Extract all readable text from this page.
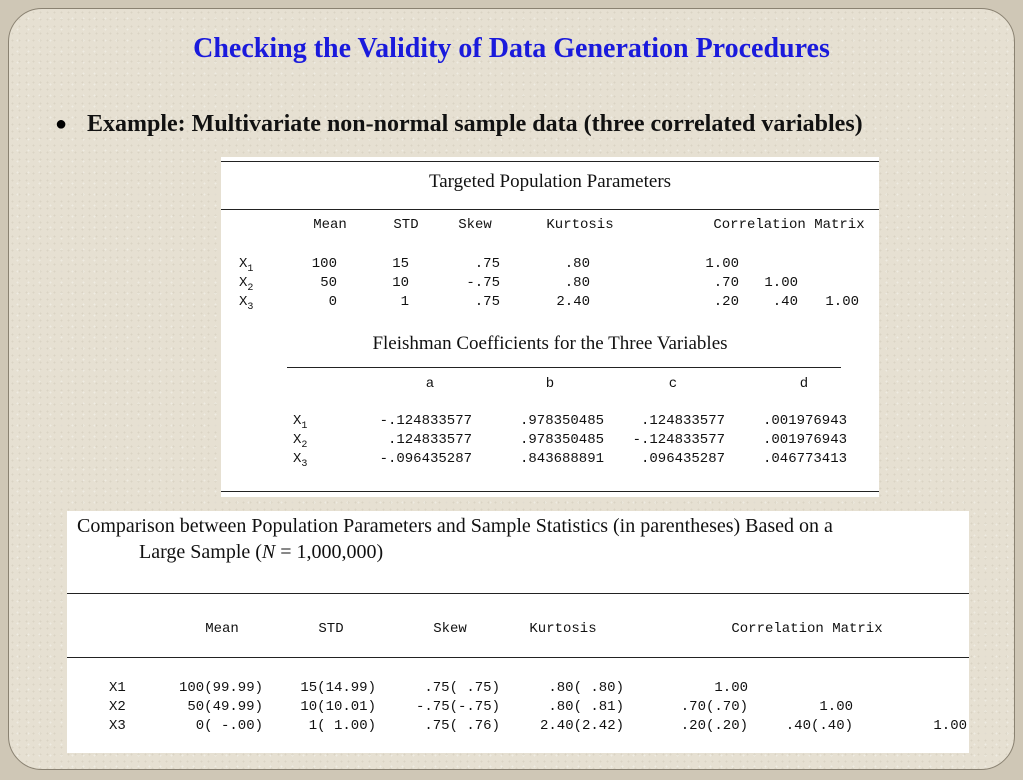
Checking the Validity of Data Generation Procedures
● Example: Multivariate non-normal sample data (three correlated variables)
Targeted Population Parameters
Mean	STD	Skew	Kurtosis	Correlation Matrix
$X_1$	100	15	.75	.80	1.00
$X_2$	50	10	-.75	.80	.70	1.00
$X_3$	0	1	.75	2.40	.20	.40	1.00
Fleishman Coefficients for the Three Variables
a	b	c	d
$X_1$	-.124833577	.978350485	.124833577	.001976943
$X_2$	.124833577	.978350485	-.124833577	.001976943
$X_3$	-.096435287	.843688891	.096435287	.046773413
Comparison between Population Parameters and Sample Statistics (in parentheses) Based on a
Large Sample (N = 1,000,000)
Mean	STD	Skew	Kurtosis	Correlation Matrix
X1	100(99.99)	15(14.99)	.75( .75)	.80( .80)	1.00
X2	50(49.99)	10(10.01)	-.75(-.75)	.80( .81)	.70(.70)	1.00
X3	0( -.00)	1( 1.00)	.75( .76)	2.40(2.42)	.20(.20)	.40(.40)	1.00
